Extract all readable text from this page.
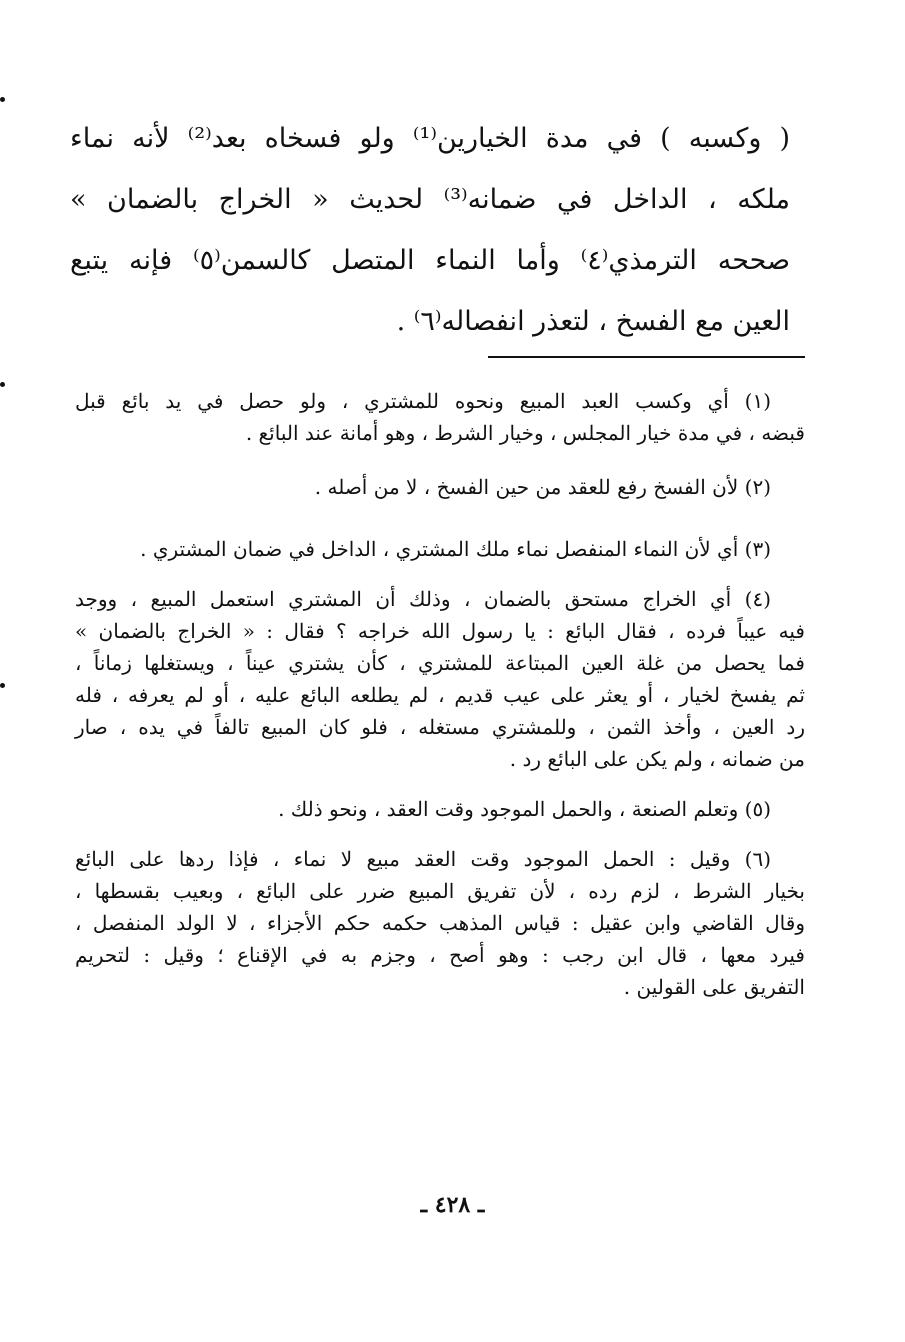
( وكسبه ) في مدة الخيارين⁽¹⁾ ولو فسخاه بعد⁽²⁾ لأنه نماء
ملكه ، الداخل في ضمانه⁽³⁾ لحديث « الخراج بالضمان »
صححه الترمذي⁽٤⁾ وأما النماء المتصل كالسمن⁽٥⁾ فإنه يتبع
العين مع الفسخ ، لتعذر انفصاله⁽٦⁾ .
(١) أي وكسب العبد المبيع ونحوه للمشتري ، ولو حصل في يد بائع قبل
قبضه ، في مدة خيار المجلس ، وخيار الشرط ، وهو أمانة عند البائع .
(٢) لأن الفسخ رفع للعقد من حين الفسخ ، لا من أصله .
(٣) أي لأن النماء المنفصل نماء ملك المشتري ، الداخل في ضمان المشتري .
(٤) أي الخراج مستحق بالضمان ، وذلك أن المشتري استعمل المبيع ، ووجد
فيه عيباً فرده ، فقال البائع : يا رسول الله خراجه ؟ فقال : « الخراج بالضمان »
فما يحصل من غلة العين المبتاعة للمشتري ، كأن يشتري عيناً ، ويستغلها زماناً ،
ثم يفسخ لخيار ، أو يعثر على عيب قديم ، لم يطلعه البائع عليه ، أو لم يعرفه ، فله
رد العين ، وأخذ الثمن ، وللمشتري مستغله ، فلو كان المبيع تالفاً في يده ، صار
من ضمانه ، ولم يكن على البائع رد .
(٥) وتعلم الصنعة ، والحمل الموجود وقت العقد ، ونحو ذلك .
(٦) وقيل : الحمل الموجود وقت العقد مبيع لا نماء ، فإذا ردها على البائع
بخيار الشرط ، لزم رده ، لأن تفريق المبيع ضرر على البائع ، وبعيب بقسطها ،
وقال القاضي وابن عقيل : قياس المذهب حكمه حكم الأجزاء ، لا الولد المنفصل ،
فيرد معها ، قال ابن رجب : وهو أصح ، وجزم به في الإقناع ؛ وقيل : لتحريم
التفريق على القولين .
ـ ٤٢٨ ـ
